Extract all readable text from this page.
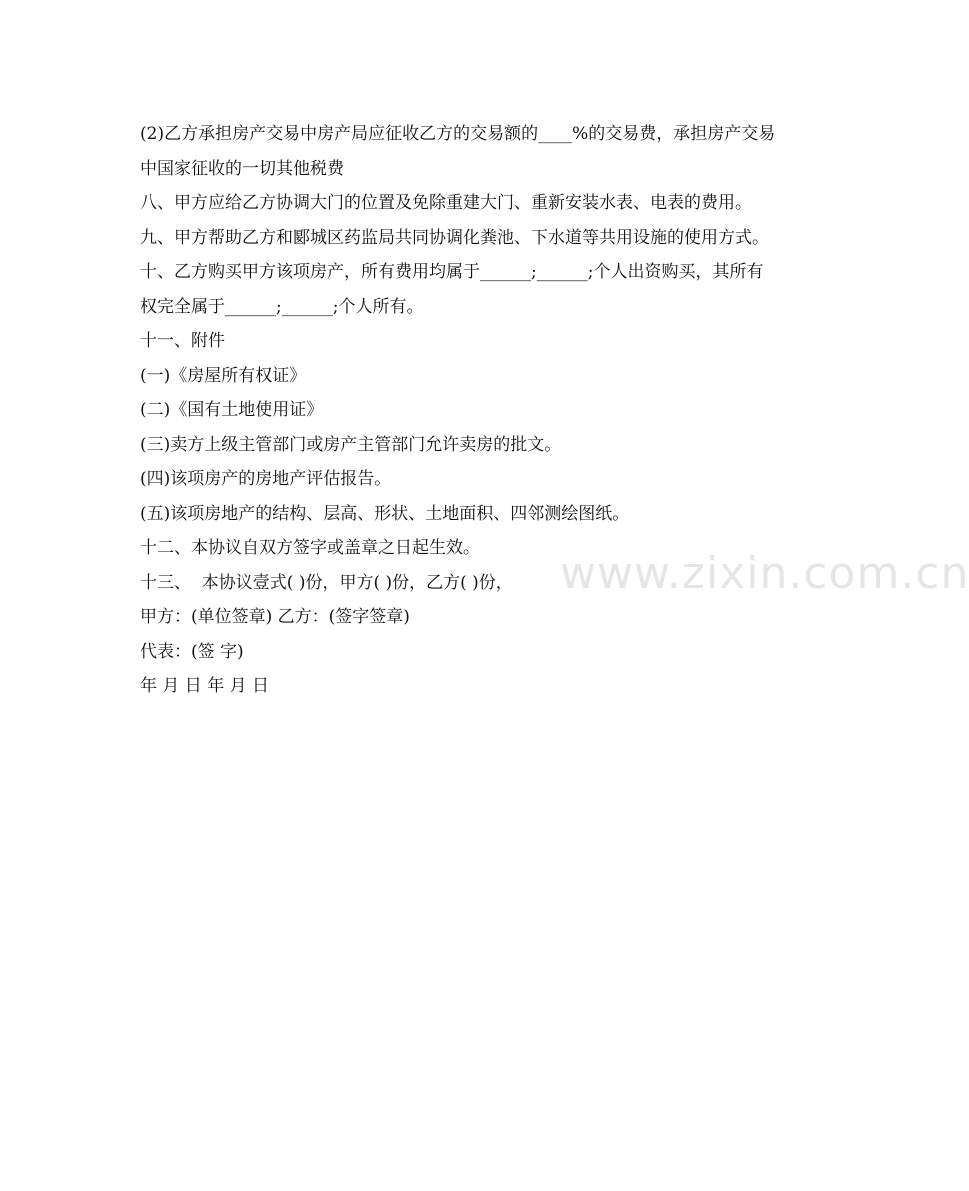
(2)乙方承担房产交易中房产局应征收乙方的交易额的____%的交易费，承担房产交易中国家征收的一切其他税费

八、甲方应给乙方协调大门的位置及免除重建大门、重新安装水表、电表的费用。

九、甲方帮助乙方和郾城区药监局共同协调化粪池、下水道等共用设施的使用方式。

十、乙方购买甲方该项房产，所有费用均属于______;______;个人出资购买，其所有权完全属于______;______;个人所有。

十一、附件

(一)《房屋所有权证》

(二)《国有土地使用证》

(三)卖方上级主管部门或房产主管部门允许卖房的批文。

(四)该项房产的房地产评估报告。

(五)该项房地产的结构、层高、形状、土地面积、四邻测绘图纸。

十二、本协议自双方签字或盖章之日起生效。

十三、  本协议壹式( )份，甲方( )份，乙方( )份，

甲方：(单位签章) 乙方：(签字签章)

代表：(签 字)

年 月 日 年 月 日

www.zixin.com.cn
